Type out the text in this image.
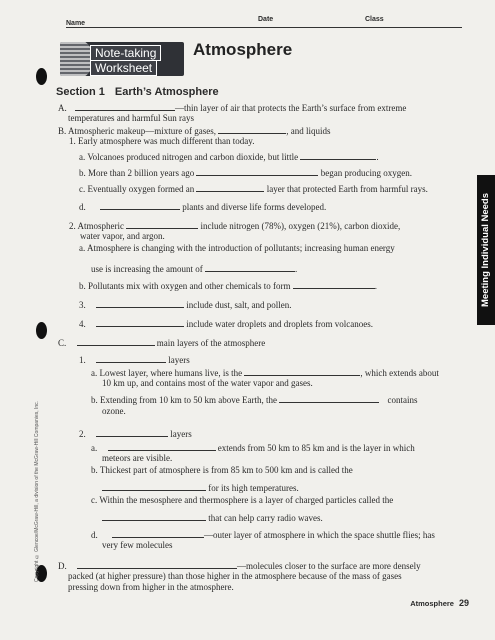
Name
Date	Class
Note-taking
Worksheet
Atmosphere
Section 1 Earth’s Atmosphere
A.	—thin layer of air that protects the Earth’s surface from extreme
temperatures and harmful Sun rays
B. Atmospheric makeup—mixture of gases,	, and liquids
1. Early atmosphere was much different than today.
a. Volcanoes produced nitrogen and carbon dioxide, but little	.
b. More than 2 billion years ago	began producing oxygen.
c. Eventually oxygen formed an	layer that protected Earth from harmful rays.
d.	plants and diverse life forms developed.
2. Atmospheric	include nitrogen (78%), oxygen (21%), carbon dioxide,
water vapor, and argon.
a. Atmosphere is changing with the introduction of pollutants; increasing human energy
use is increasing the amount of	.
b. Pollutants mix with oxygen and other chemicals to form	.
3.	include dust, salt, and pollen.
4.	include water droplets and droplets from volcanoes.
C.	main layers of the atmosphere
1.	layers
a. Lowest layer, where humans live, is the	, which extends about
10 km up, and contains most of the water vapor and gases.
b. Extending from 10 km to 50 km above Earth, the	contains
ozone.
2.	layers
a.	extends from 50 km to 85 km and is the layer in which
meteors are visible.
b. Thickest part of atmosphere is from 85 km to 500 km and is called the
for its high temperatures.
c. Within the mesosphere and thermosphere is a layer of charged particles called the
that can help carry radio waves.
d.	—outer layer of atmosphere in which the space shuttle flies; has
very few molecules
D.	—molecules closer to the surface are more densely
packed (at higher pressure) than those higher in the atmosphere because of the mass of gases
pressing down from higher in the atmosphere.
Meeting Individual Needs
Copyright © Glencoe/McGraw-Hill, a division of the McGraw-Hill Companies, Inc.
Atmosphere 29
